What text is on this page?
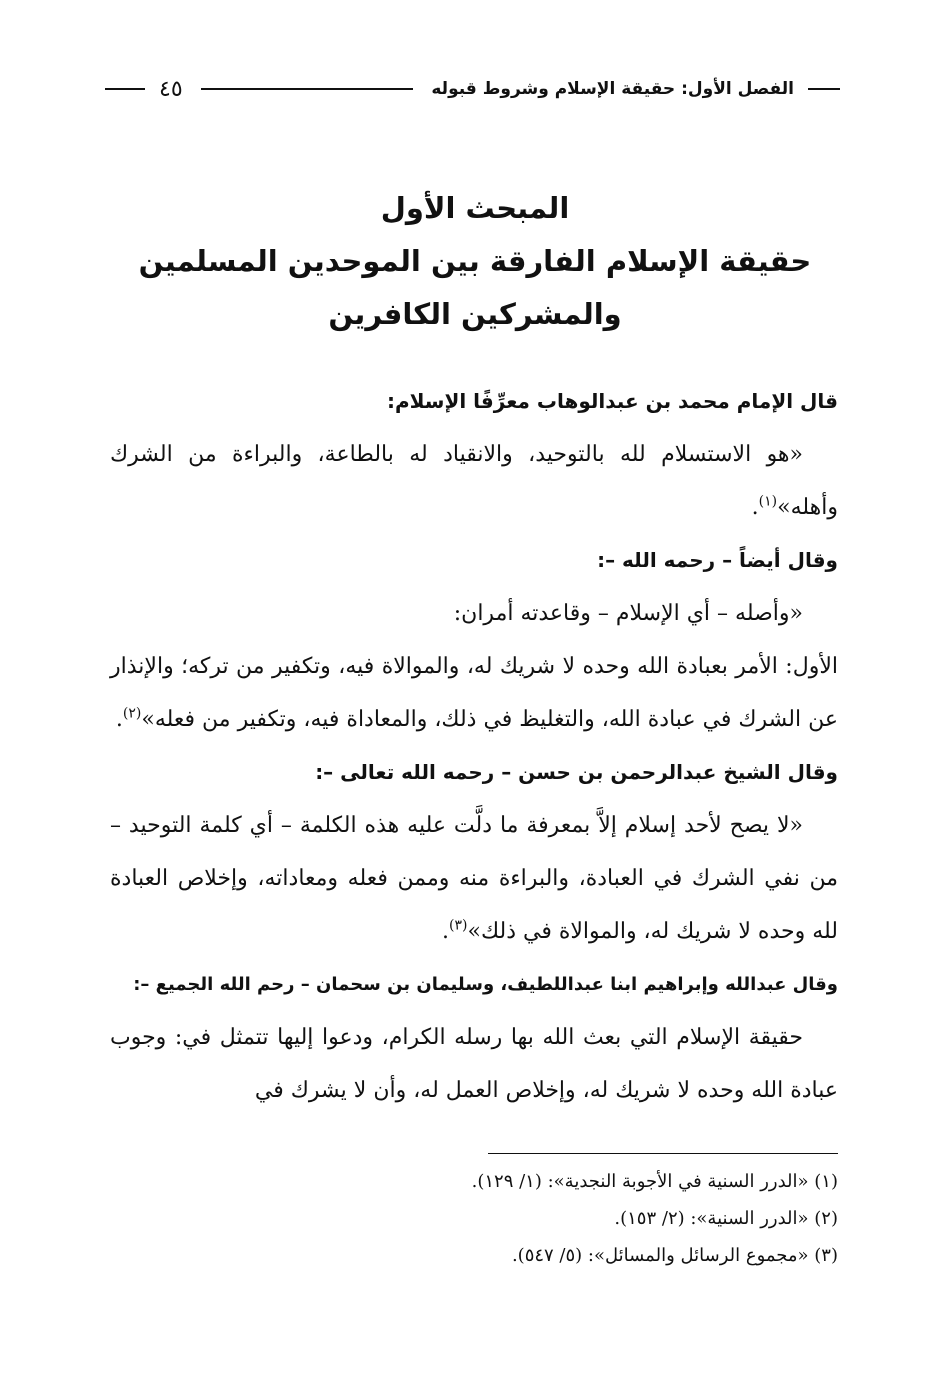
الفصل الأول: حقيقة الإسلام وشروط قبوله
٤٥
المبحث الأول
حقيقة الإسلام الفارقة بين الموحدين المسلمين
والمشركين الكافرين

قال الإمام محمد بن عبدالوهاب معرِّفًا الإسلام:

«هو الاستسلام لله بالتوحيد، والانقياد له بالطاعة، والبراءة من الشرك وأهله»$^{(١)}$.

وقال أيضاً – رحمه الله –:

«وأصله – أي الإسلام – وقاعدته أمران:

الأول: الأمر بعبادة الله وحده لا شريك له، والموالاة فيه، وتكفير من تركه؛ والإنذار عن الشرك في عبادة الله، والتغليظ في ذلك، والمعاداة فيه، وتكفير من فعله»$^{(٢)}$.

وقال الشيخ عبدالرحمن بن حسن – رحمه الله تعالى –:

«لا يصح لأحد إسلام إلاَّ بمعرفة ما دلَّت عليه هذه الكلمة – أي كلمة التوحيد – من نفي الشرك في العبادة، والبراءة منه وممن فعله ومعاداته، وإخلاص العبادة لله وحده لا شريك له، والموالاة في ذلك»$^{(٣)}$.

وقال عبدالله وإبراهيم ابنا عبداللطيف، وسليمان بن سحمان – رحم الله الجميع –:

حقيقة الإسلام التي بعث الله بها رسله الكرام، ودعوا إليها تتمثل في: وجوب عبادة الله وحده لا شريك له، وإخلاص العمل له، وأن لا يشرك في

(١) «الدرر السنية في الأجوبة النجدية»: (١/ ١٢٩).

(٢) «الدرر السنية»: (٢/ ١٥٣).

(٣) «مجموع الرسائل والمسائل»: (٥/ ٥٤٧).
